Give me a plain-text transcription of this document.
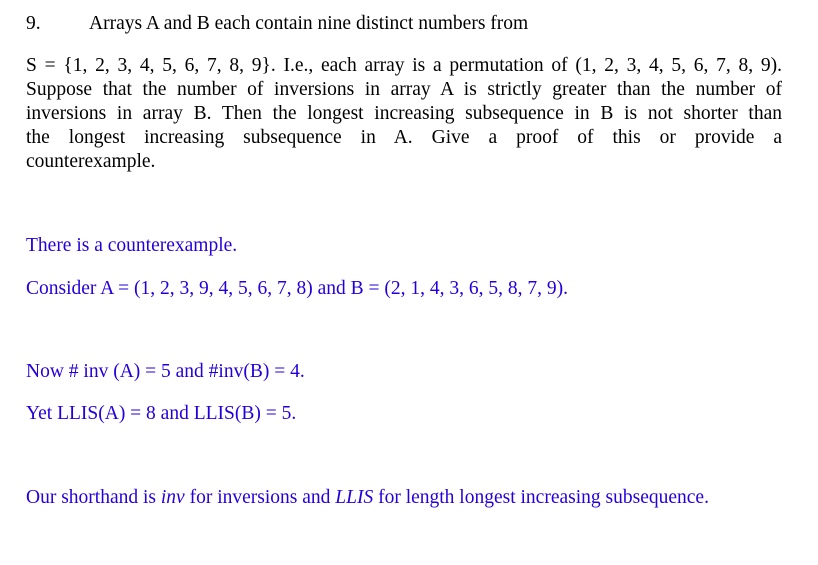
9. Arrays A and B each contain nine distinct numbers from
S = {1, 2, 3, 4, 5, 6, 7, 8, 9}. I.e., each array is a permutation of (1, 2, 3, 4, 5, 6, 7, 8, 9).
Suppose that the number of inversions in array A is strictly greater than the number of
inversions in array B. Then the longest increasing subsequence in B is not shorter than
the longest increasing subsequence in A. Give a proof of this or provide a
counterexample.
There is a counterexample.
Consider A = (1, 2, 3, 9, 4, 5, 6, 7, 8) and B = (2, 1, 4, 3, 6, 5, 8, 7, 9).
Now # inv (A) = 5 and #inv(B) = 4.
Yet LLIS(A) = 8 and LLIS(B) = 5.
Our shorthand is inv for inversions and LLIS for length longest increasing subsequence.
